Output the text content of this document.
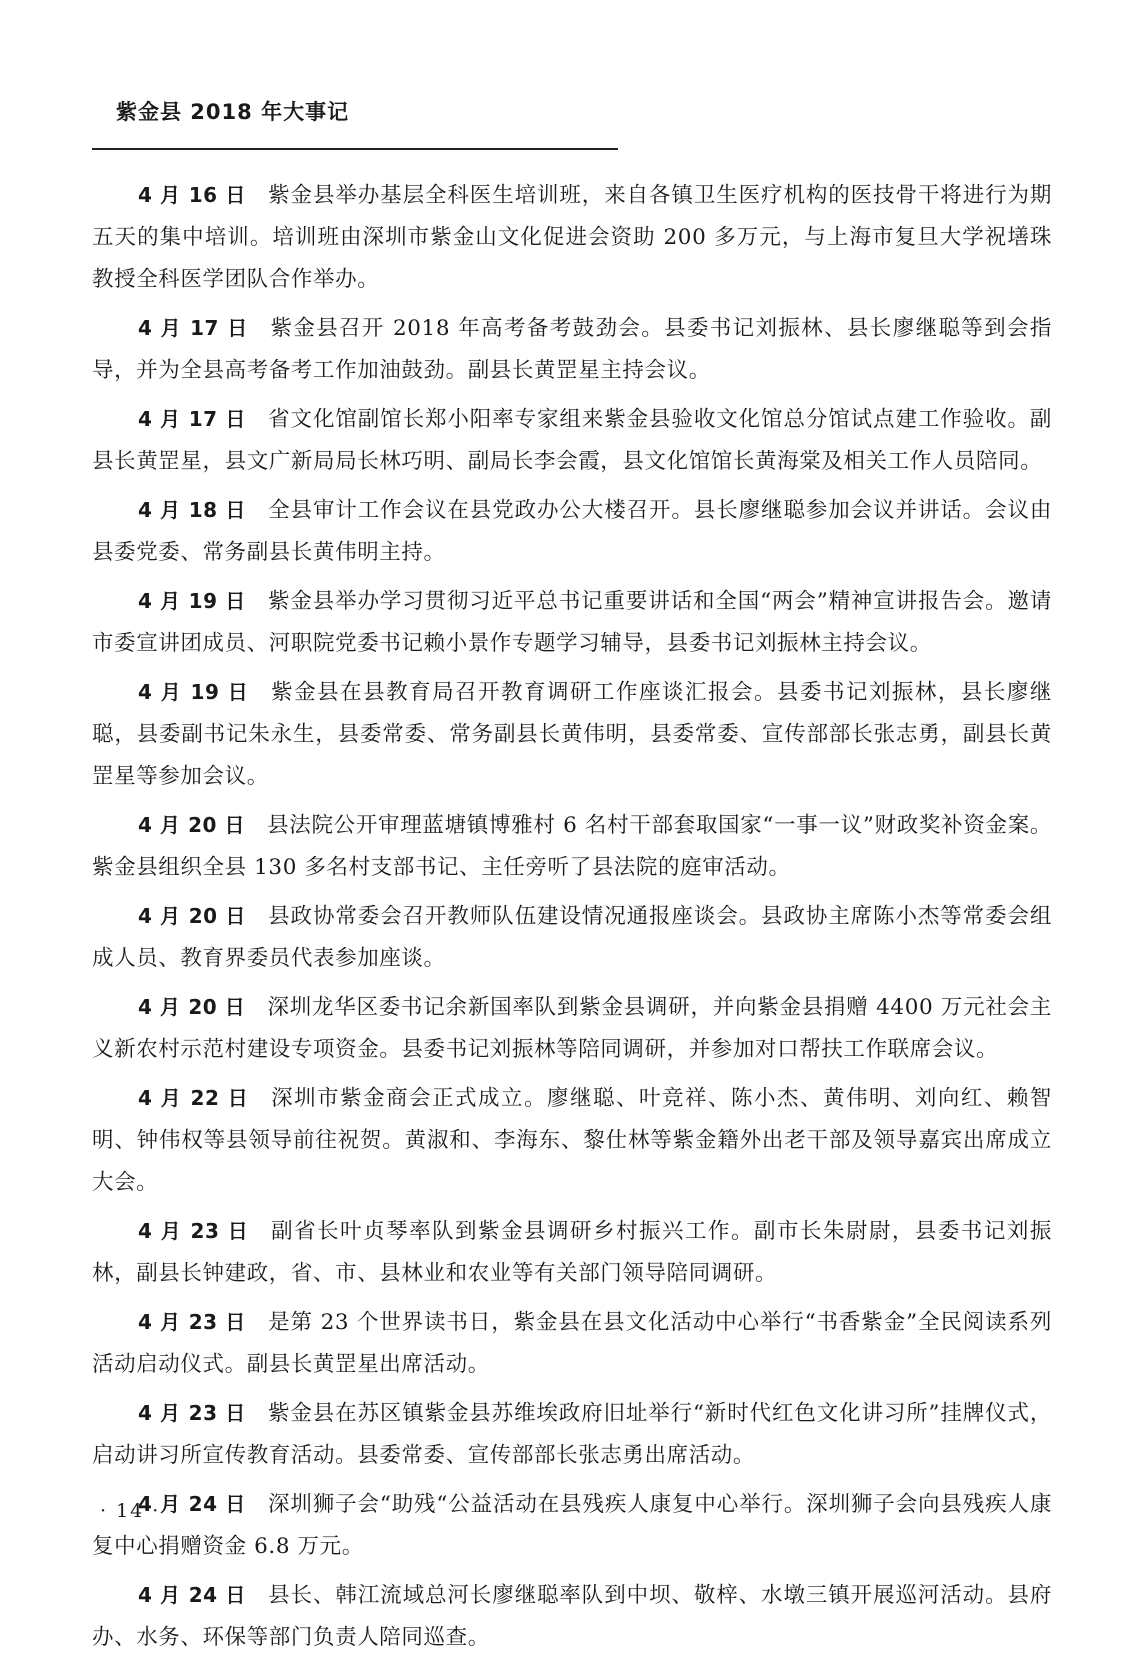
紫金县 2018 年大事记

4 月 16 日 紫金县举办基层全科医生培训班，来自各镇卫生医疗机构的医技骨干将进行为期五天的集中培训。培训班由深圳市紫金山文化促进会资助 200 多万元，与上海市复旦大学祝墡珠教授全科医学团队合作举办。

4 月 17 日 紫金县召开 2018 年高考备考鼓劲会。县委书记刘振林、县长廖继聪等到会指导，并为全县高考备考工作加油鼓劲。副县长黄罡星主持会议。

4 月 17 日 省文化馆副馆长郑小阳率专家组来紫金县验收文化馆总分馆试点建工作验收。副县长黄罡星，县文广新局局长林巧明、副局长李会霞，县文化馆馆长黄海棠及相关工作人员陪同。

4 月 18 日 全县审计工作会议在县党政办公大楼召开。县长廖继聪参加会议并讲话。会议由县委党委、常务副县长黄伟明主持。

4 月 19 日 紫金县举办学习贯彻习近平总书记重要讲话和全国“两会”精神宣讲报告会。邀请市委宣讲团成员、河职院党委书记赖小景作专题学习辅导，县委书记刘振林主持会议。

4 月 19 日 紫金县在县教育局召开教育调研工作座谈汇报会。县委书记刘振林，县长廖继聪，县委副书记朱永生，县委常委、常务副县长黄伟明，县委常委、宣传部部长张志勇，副县长黄罡星等参加会议。

4 月 20 日 县法院公开审理蓝塘镇博雅村 6 名村干部套取国家“一事一议”财政奖补资金案。紫金县组织全县 130 多名村支部书记、主任旁听了县法院的庭审活动。

4 月 20 日 县政协常委会召开教师队伍建设情况通报座谈会。县政协主席陈小杰等常委会组成人员、教育界委员代表参加座谈。

4 月 20 日 深圳龙华区委书记余新国率队到紫金县调研，并向紫金县捐赠 4400 万元社会主义新农村示范村建设专项资金。县委书记刘振林等陪同调研，并参加对口帮扶工作联席会议。

4 月 22 日 深圳市紫金商会正式成立。廖继聪、叶竞祥、陈小杰、黄伟明、刘向红、赖智明、钟伟权等县领导前往祝贺。黄淑和、李海东、黎仕林等紫金籍外出老干部及领导嘉宾出席成立大会。

4 月 23 日 副省长叶贞琴率队到紫金县调研乡村振兴工作。副市长朱尉尉，县委书记刘振林，副县长钟建政，省、市、县林业和农业等有关部门领导陪同调研。

4 月 23 日 是第 23 个世界读书日，紫金县在县文化活动中心举行“书香紫金”全民阅读系列活动启动仪式。副县长黄罡星出席活动。

4 月 23 日 紫金县在苏区镇紫金县苏维埃政府旧址举行“新时代红色文化讲习所”挂牌仪式，启动讲习所宣传教育活动。县委常委、宣传部部长张志勇出席活动。

4 月 24 日 深圳狮子会“助残“公益活动在县残疾人康复中心举行。深圳狮子会向县残疾人康复中心捐赠资金 6.8 万元。

4 月 24 日 县长、韩江流域总河长廖继聪率队到中坝、敬梓、水墩三镇开展巡河活动。县府办、水务、环保等部门负责人陪同巡查。

· 14 ·
